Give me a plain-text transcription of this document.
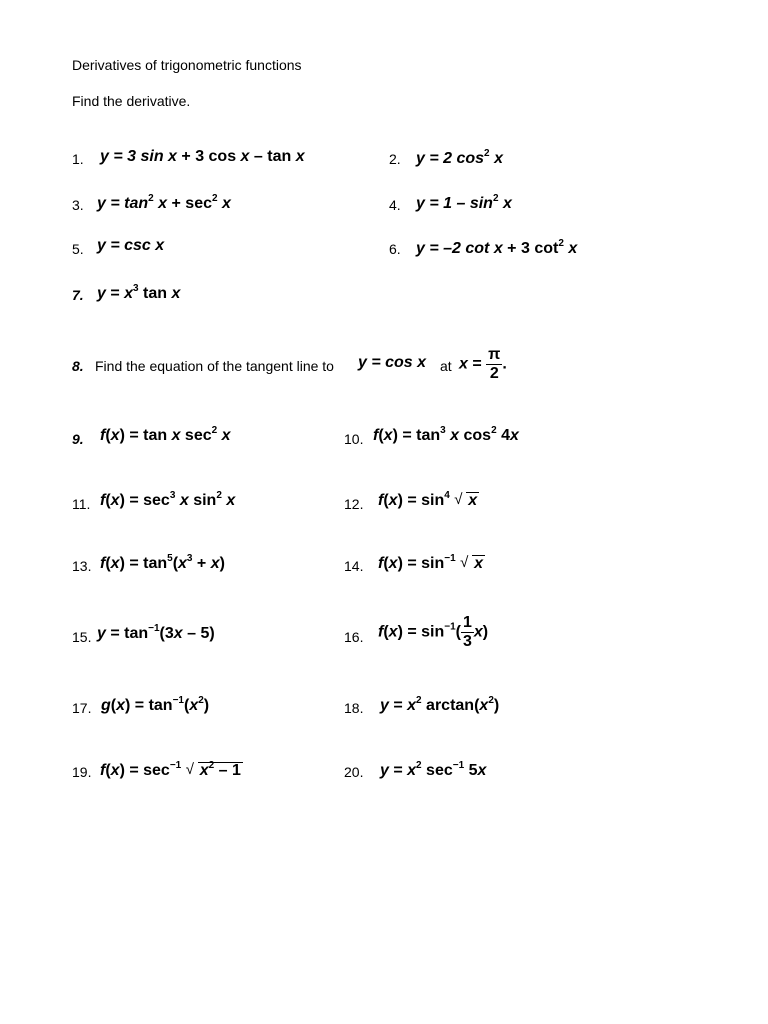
Derivatives of trigonometric functions
Find the derivative.
1. y = 3 sin x + 3 cos x – tan x	2. y = 2 $\cos^2 x$
3. $y = \tan^2 x + \sec^2 x$	4. $y = 1 - \sin^2 x$
5. y = csc x	6. y = –2 cot x + 3 $\cot^2 x$
7. $y = x^3$ tan x
8. Find the equation of the tangent line to y = cos x at $x = \frac{\pi}{2}$ .
9. f(x) = tan x $\sec^2 x$	10. $f(x) = \tan^3 x$ $\cos^2 4x$
11. $f(x) = \sec^3 x$ $\sin^2 x$	12. $f(x) = \sin^4$ √ x
13. $f(x) = \tan^5(x^3 + x)$	14. $f(x) = \sin^{-1}$ √ x
15. $y = \tan^{-1}(3x - 5)$	16. $f(x) = \sin^{-1}( \frac{1}{3} x)$
17. $g(x) = \tan^{-1}(x^2)$	18. $y = x^2$ $\arctan(x^2)$
19. $f(x) = \sec^{-1}$ √ $x^2 - 1$	20. $y = x^2$ $\sec^{-1} 5x$
